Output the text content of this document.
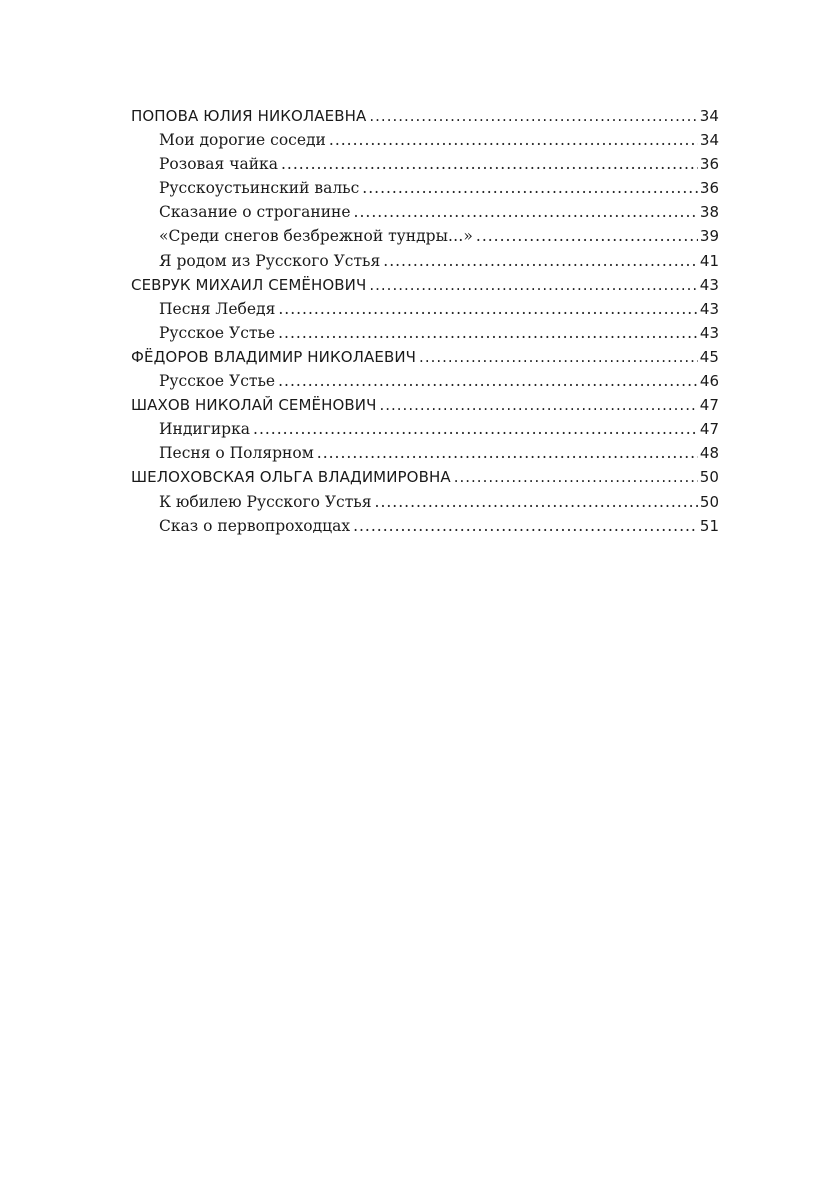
ПОПОВА ЮЛИЯ НИКОЛАЕВНА .....	34
Мои дорогие соседи .....	34
Розовая чайка .....	36
Русскоустьинский вальс .....	36
Сказание о строганине .....	38
«Среди снегов безбрежной тундры…» .....	39
Я родом из Русского Устья .....	41
СЕВРУК МИХАИЛ СЕМЁНОВИЧ .....	43
Песня Лебедя .....	43
Русское Устье .....	43
ФЁДОРОВ ВЛАДИМИР НИКОЛАЕВИЧ .....	45
Русское Устье .....	46
ШАХОВ НИКОЛАЙ СЕМЁНОВИЧ .....	47
Индигирка .....	47
Песня о Полярном .....	48
ШЕЛОХОВСКАЯ ОЛЬГА ВЛАДИМИРОВНА .....	50
К юбилею Русского Устья .....	50
Сказ о первопроходцах .....	51
